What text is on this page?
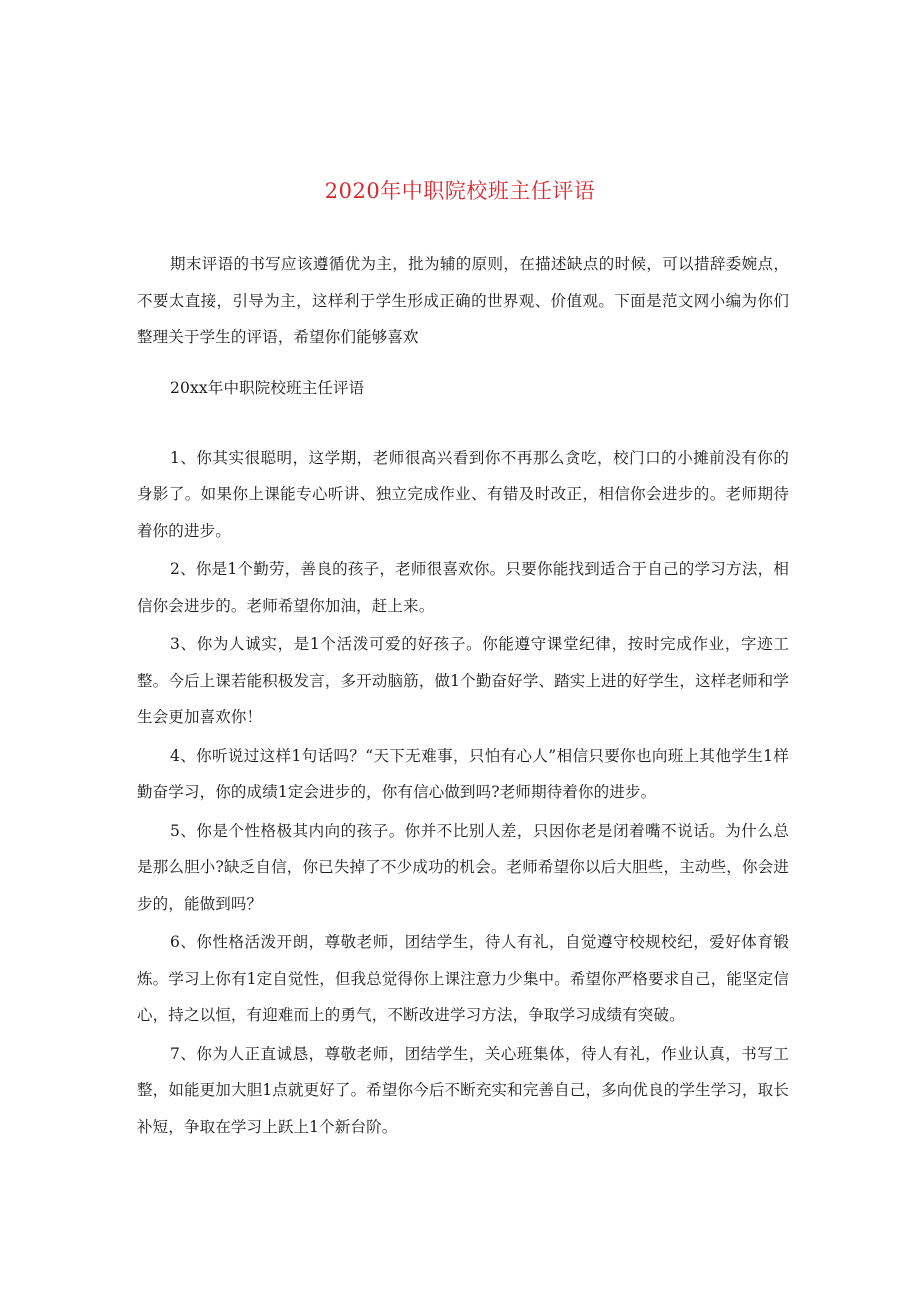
2020年中职院校班主任评语

期末评语的书写应该遵循优为主，批为辅的原则，在描述缺点的时候，可以措辞委婉点，不要太直接，引导为主，这样利于学生形成正确的世界观、价值观。下面是范文网小编为你们整理关于学生的评语，希望你们能够喜欢

20xx年中职院校班主任评语

1、你其实很聪明，这学期，老师很高兴看到你不再那么贪吃，校门口的小摊前没有你的身影了。如果你上课能专心听讲、独立完成作业、有错及时改正，相信你会进步的。老师期待着你的进步。

2、你是1个勤劳，善良的孩子，老师很喜欢你。只要你能找到适合于自己的学习方法，相信你会进步的。老师希望你加油，赶上来。

3、你为人诚实，是1个活泼可爱的好孩子。你能遵守课堂纪律，按时完成作业，字迹工整。今后上课若能积极发言，多开动脑筋，做1个勤奋好学、踏实上进的好学生，这样老师和学生会更加喜欢你！

4、你听说过这样1句话吗？“天下无难事，只怕有心人”相信只要你也向班上其他学生1样勤奋学习，你的成绩1定会进步的，你有信心做到吗?老师期待着你的进步。

5、你是个性格极其内向的孩子。你并不比别人差，只因你老是闭着嘴不说话。为什么总是那么胆小?缺乏自信，你已失掉了不少成功的机会。老师希望你以后大胆些，主动些，你会进步的，能做到吗？

6、你性格活泼开朗，尊敬老师，团结学生，待人有礼，自觉遵守校规校纪，爱好体育锻炼。学习上你有1定自觉性，但我总觉得你上课注意力少集中。希望你严格要求自己，能坚定信心，持之以恒，有迎难而上的勇气，不断改进学习方法，争取学习成绩有突破。

7、你为人正直诚恳，尊敬老师，团结学生，关心班集体，待人有礼，作业认真，书写工整，如能更加大胆1点就更好了。希望你今后不断充实和完善自己，多向优良的学生学习，取长补短，争取在学习上跃上1个新台阶。
